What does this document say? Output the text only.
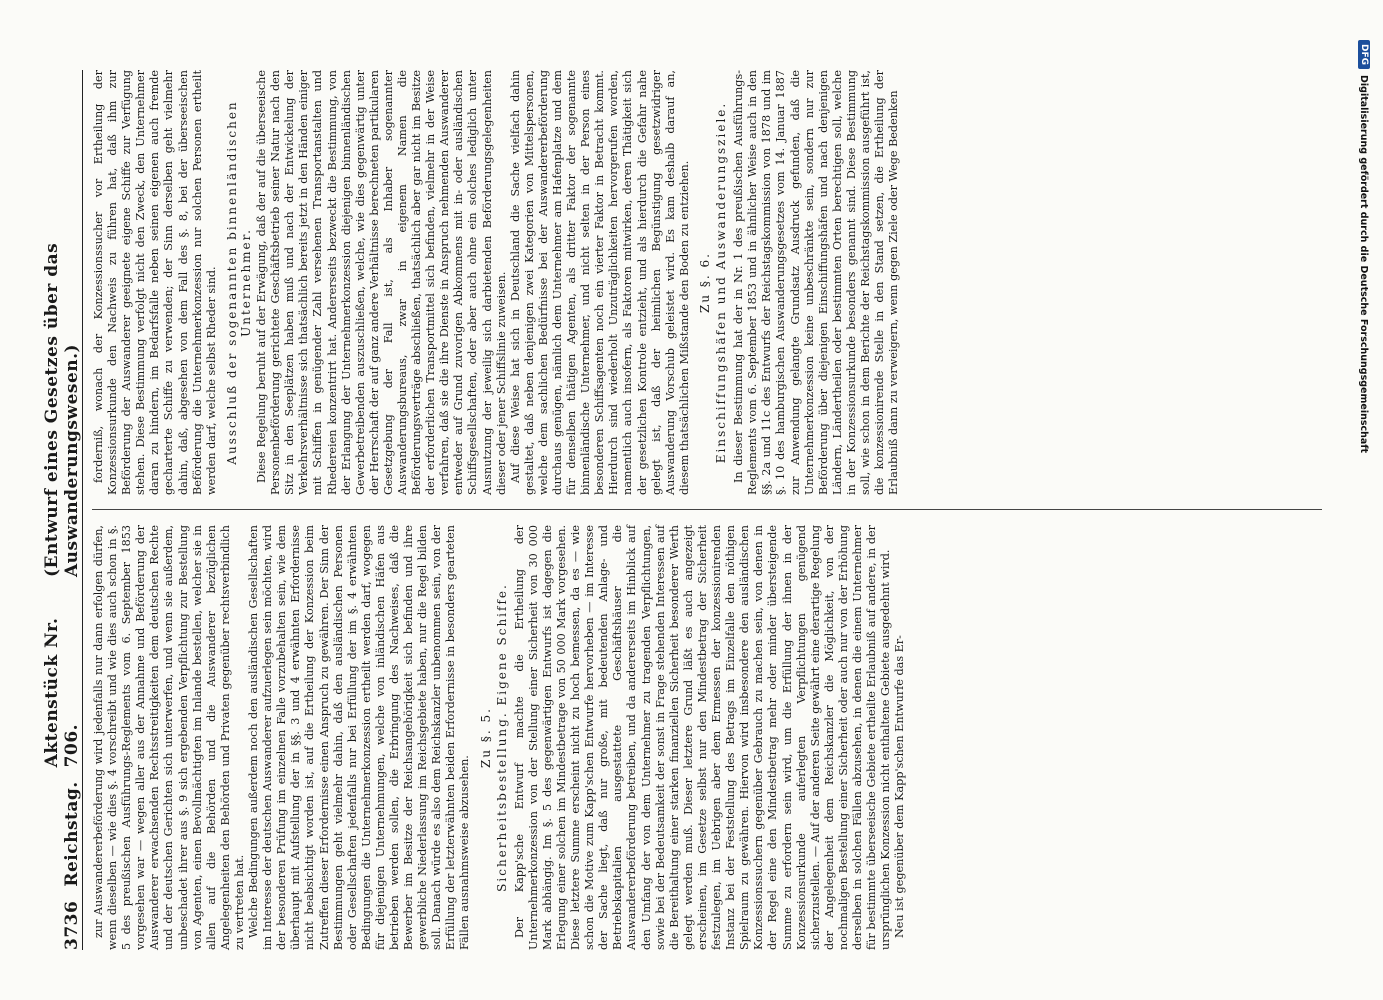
3736
Reichstag.
Aktenstück Nr. 706.
(Entwurf eines Gesetzes über das Auswanderungswesen.)

zur Auswandererbeförderung wird jedenfalls nur dann erfolgen dürfen, wenn dieselben — wie dies §. 4 vorschreibt und wie dies auch schon in §. 5 des preußischen Ausführungs-Reglements vom 6. September 1853 vorgesehen war — wegen aller aus der Annahme und Beförderung der Auswanderer erwachsenden Rechtsstreitigkeiten dem deutschen Rechte und der deutschen Gerichten sich unterwerfen, und wenn sie außerdem, unbeschadet ihrer aus §. 9 sich ergebenden Verpflichtung zur Bestellung von Agenten, einen Bevollmächtigten im Inlande bestellen, welcher sie in allen auf die Behörden und die Auswanderer bezüglichen Angelegenheiten den Behörden und Privaten gegenüber rechtsverbindlich zu vertreten hat. Welche Bedingungen außerdem noch den ausländischen Gesellschaften im Interesse der deutschen Auswanderer aufzuerlegen sein möchten, wird der besonderen Prüfung im einzelnen Falle vorzubehalten sein, wie dem überhaupt mit Aufstellung der in §§. 3 und 4 erwähnten Erfordernisse nicht beabsichtigt worden ist, auf die Ertheilung der Konzession beim Zutreffen dieser Erfordernisse einen Anspruch zu gewähren. Der Sinn der Bestimmungen geht vielmehr dahin, daß den ausländischen Personen oder Gesellschaften jedenfalls nur bei Erfüllung der im §. 4 erwähnten Bedingungen die Unternehmerkonzession ertheilt werden darf, wogegen für diejenigen Unternehmungen, welche von inländischen Häfen aus betrieben werden sollen, die Erbringung des Nachweises, daß die Bewerber im Besitze der Reichsangehörigkeit sich befinden und ihre gewerbliche Niederlassung im Reichsgebiete haben, nur die Regel bilden soll. Danach würde es also dem Reichskanzler unbenommen sein, von der Erfüllung der letzterwähnten beiden Erfordernisse in besonders gearteten Fällen ausnahmsweise abzusehen.

Zu §. 5. Sicherheitsbestellung. Eigene Schiffe. Der Kapp'sche Entwurf machte die Ertheilung der Unternehmerkonzession von der Stellung einer Sicherheit von 30 000 Mark abhängig. Im §. 5 des gegenwärtigen Entwurfs ist dagegen die Erlegung einer solchen im Mindestbetrage von 50 000 Mark vorgesehen. Diese letztere Summe erscheint nicht zu hoch bemessen, da es — wie schon die Motive zum Kapp'schen Entwurfe hervorheben — im Interesse der Sache liegt, daß nur große, mit bedeutenden Anlage- und Betriebskapitalien ausgestattete Geschäftshäuser die Auswandererbeförderung betreiben, und da andererseits im Hinblick auf den Umfang der von dem Unternehmer zu tragenden Verpflichtungen, sowie bei der Bedeutsamkeit der sonst in Frage stehenden Interessen auf die Bereithaltung einer starken finanziellen Sicherheit besonderer Werth gelegt werden muß. Dieser letztere Grund läßt es auch angezeigt erscheinen, im Gesetze selbst nur den Mindestbetrag der Sicherheit festzulegen, im Uebrigen aber dem Ermessen der konzessionirenden Instanz bei der Feststellung des Betrags im Einzelfalle den nöthigen Spielraum zu gewähren. Hiervon wird insbesondere den ausländischen Konzessionssuchern gegenüber Gebrauch zu machen sein, von denen in der Regel eine den Mindestbetrag mehr oder minder übersteigende Summe zu erfordern sein wird, um die Erfüllung der ihnen in der Konzessionsurkunde auferlegten Verpflichtungen genügend sicherzustellen. — Auf der anderen Seite gewährt eine derartige Regelung der Angelegenheit dem Reichskanzler die Möglichkeit, von der nochmaligen Bestellung einer Sicherheit oder auch nur von der Erhöhung derselben in solchen Fällen abzusehen, in denen die einem Unternehmer für bestimmte überseeische Gebiete ertheilte Erlaubniß auf andere, in der ursprünglichen Konzession nicht enthaltene Gebiete ausgedehnt wird. Neu ist gegenüber dem Kapp'schen Entwurfe das Er-

forderniß, wonach der Konzessionssucher vor Ertheilung der Konzessionsurkunde den Nachweis zu führen hat, daß ihm zur Beförderung der Auswanderer geeignete eigene Schiffe zur Verfügung stehen. Diese Bestimmung verfolgt nicht den Zweck, den Unternehmer daran zu hindern, im Bedarfsfalle neben seinen eigenen auch fremde gecharterte Schiffe zu verwenden; der Sinn derselben geht vielmehr dahin, daß, abgesehen von dem Fall des §. 8, bei der überseeischen Beförderung die Unternehmerkonzession nur solchen Personen ertheilt werden darf, welche selbst Rheder sind. Ausschluß der sogenannten binnenländischen Unternehmer. Diese Regelung beruht auf der Erwägung, daß der auf die überseeische Personenbeförderung gerichtete Geschäftsbetrieb seiner Natur nach den Sitz in den Seeplätzen haben muß und nach der Entwickelung der Verkehrsverhältnisse sich thatsächlich bereits jetzt in den Händen einiger mit Schiffen in genügender Zahl versehenen Transportanstalten und Rhedereien konzentrirt hat. Andererseits bezweckt die Bestimmung, von der Erlangung der Unternehmerkonzession diejenigen binnenländischen Gewerbetreibenden auszuschließen, welche, wie dies gegenwärtig unter der Herrschaft der auf ganz andere Verhältnisse berechneten partikularen Gesetzgebung der Fall ist, als Inhaber sogenannter Auswanderungsbureaus, zwar in eigenem Namen die Beförderungsverträge abschließen, thatsächlich aber gar nicht im Besitze der erforderlichen Transportmittel sich befinden, vielmehr in der Weise verfahren, daß sie die ihre Dienste in Anspruch nehmenden Auswanderer entweder auf Grund zuvorigen Abkommens mit in- oder ausländischen Schiffsgesellschaften, oder aber auch ohne ein solches lediglich unter Ausnutzung der jeweilig sich darbietenden Beförderungsgelegenheiten dieser oder jener Schiffslinie zuweisen. Auf diese Weise hat sich in Deutschland die Sache vielfach dahin gestaltet, daß neben denjenigen zwei Kategorien von Mittelspersonen, welche dem sachlichen Bedürfnisse bei der Auswandererbeförderung durchaus genügen, nämlich dem Unternehmer am Hafenplatze und dem für denselben thätigen Agenten, als dritter Faktor der sogenannte binnenländische Unternehmer, und nicht selten in der Person eines besonderen Schiffsagenten noch ein vierter Faktor in Betracht kommt. Hierdurch sind wiederholt Unzuträglichkeiten hervorgerufen worden, namentlich auch insofern, als Faktoren mitwirken, deren Thätigkeit sich der gesetzlichen Kontrole entzieht, und als hierdurch die Gefahr nahe gelegt ist, daß der heimlichen Begünstigung gesetzwidriger Auswanderung Vorschub geleistet wird. Es kam deshalb darauf an, diesem thatsächlichen Mißstande den Boden zu entziehen. Zu §. 6. Einschiffungshäfen und Auswanderungsziele. In dieser Bestimmung hat der in Nr. 1 des preußischen Ausführungs-Reglements vom 6. September 1853 und in ähnlicher Weise auch in den §§. 2a und 11c des Entwurfs der Reichstagskommission von 1878 und im §. 10 des hamburgischen Auswanderungsgesetzes vom 14. Januar 1887 zur Anwendung gelangte Grundsatz Ausdruck gefunden, daß die Unternehmerkonzession keine unbeschränkte sein, sondern nur zur Beförderung über diejenigen Einschiffungshäfen und nach denjenigen Ländern, Ländertheilen oder bestimmten Orten berechtigen soll, welche in der Konzessionsurkunde besonders genannt sind. Diese Bestimmung soll, wie schon in dem Berichte der Reichstagskommission ausgeführt ist, die konzessionirende Stelle in den Stand setzen, die Ertheilung der Erlaubniß dann zu verweigern, wenn gegen Ziele oder Wege Bedenken

DFG
Digitalisierung gefördert durch die Deutsche Forschungsgemeinschaft
